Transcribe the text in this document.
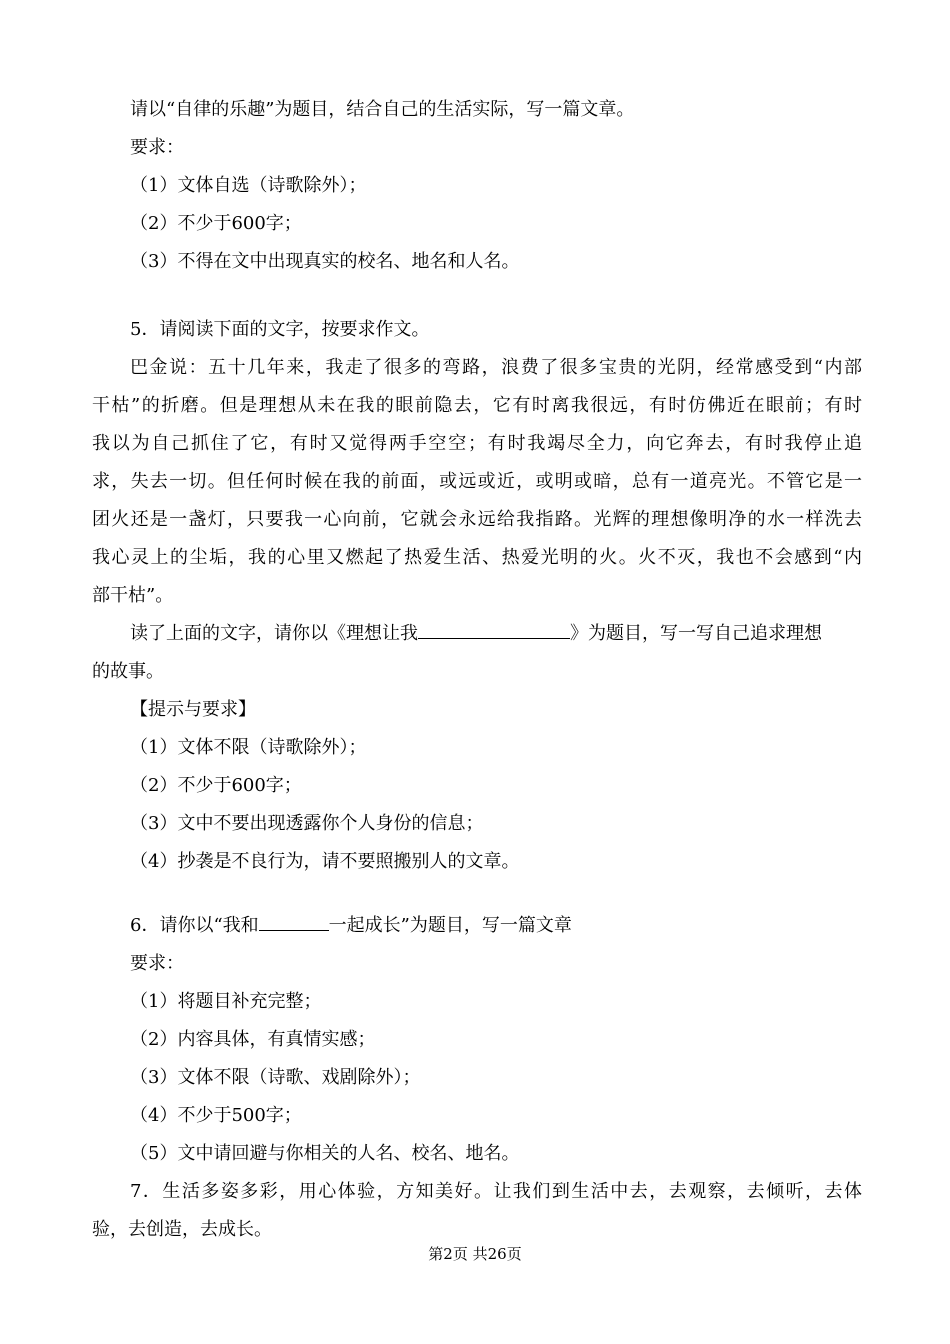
请以“自律的乐趣”为题目，结合自己的生活实际，写一篇文章。
要求：
（1）文体自选（诗歌除外）；
（2）不少于600字；
（3）不得在文中出现真实的校名、地名和人名。
5．请阅读下面的文字，按要求作文。
巴金说：五十几年来，我走了很多的弯路，浪费了很多宝贵的光阴，经常感受到“内部
干枯”的折磨。但是理想从未在我的眼前隐去，它有时离我很远，有时仿佛近在眼前；有时
我以为自己抓住了它，有时又觉得两手空空；有时我竭尽全力，向它奔去，有时我停止追
求，失去一切。但任何时候在我的前面，或远或近，或明或暗，总有一道亮光。不管它是一
团火还是一盏灯，只要我一心向前，它就会永远给我指路。光辉的理想像明净的水一样洗去
我心灵上的尘垢，我的心里又燃起了热爱生活、热爱光明的火。火不灭，我也不会感到“内
部干枯”。
读了上面的文字，请你以《理想让我	》为题目，写一写自己追求理想
的故事。
【提示与要求】
（1）文体不限（诗歌除外）；
（2）不少于600字；
（3）文中不要出现透露你个人身份的信息；
（4）抄袭是不良行为，请不要照搬别人的文章。
6．请你以“我和	一起成长”为题目，写一篇文章
要求：
（1）将题目补充完整；
（2）内容具体，有真情实感；
（3）文体不限（诗歌、戏剧除外）；
（4）不少于500字；
（5）文中请回避与你相关的人名、校名、地名。
7．生活多姿多彩，用心体验，方知美好。让我们到生活中去，去观察，去倾听，去体
验，去创造，去成长。
第2页 共26页
